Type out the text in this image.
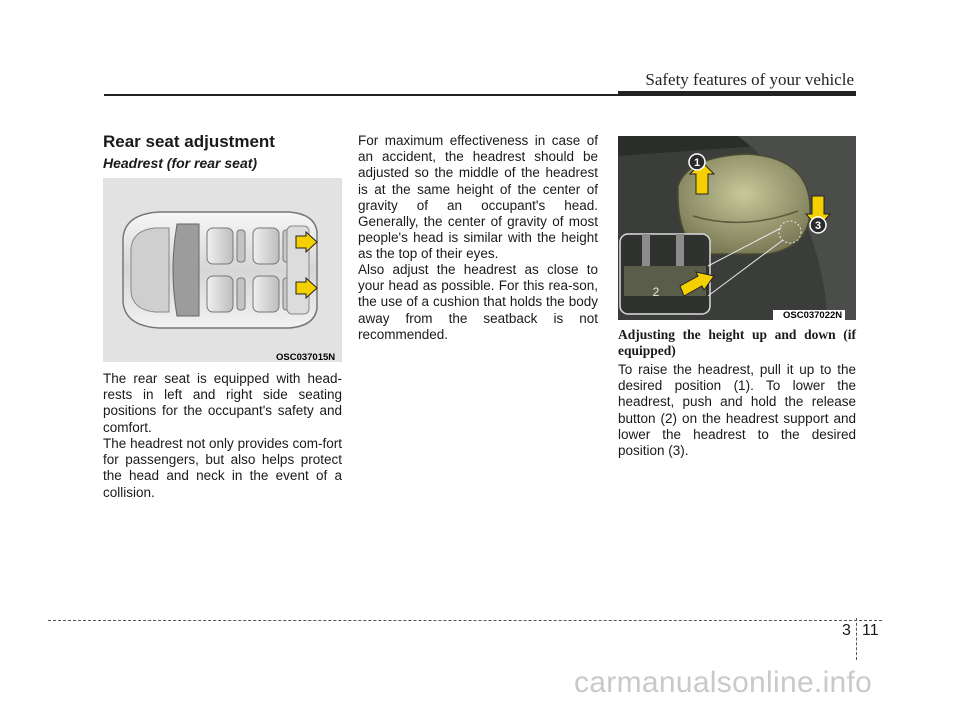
Safety features of your vehicle
Rear seat adjustment
Headrest (for rear seat)
OSC037015N

The rear seat is equipped with head-rests in left and right side seating positions for the occupant's safety and comfort.

The headrest not only provides com-fort for passengers, but also helps protect the head and neck in the event of a collision.

For maximum effectiveness in case of an accident, the headrest should be adjusted so the middle of the headrest is at the same height of the center of gravity of an occupant's head. Generally, the center of gravity of most people's head is similar with the height as the top of their eyes.

Also adjust the headrest as close to your head as possible. For this rea-son, the use of a cushion that holds the body away from the seatback is not recommended.

1
3
2
OSC037022N

Adjusting the height up and down (if equipped)

To raise the headrest, pull it up to the desired position (1). To lower the headrest, push and hold the release button (2) on the headrest support and lower the headrest to the desired position (3).

3 11
carmanualsonline.info
